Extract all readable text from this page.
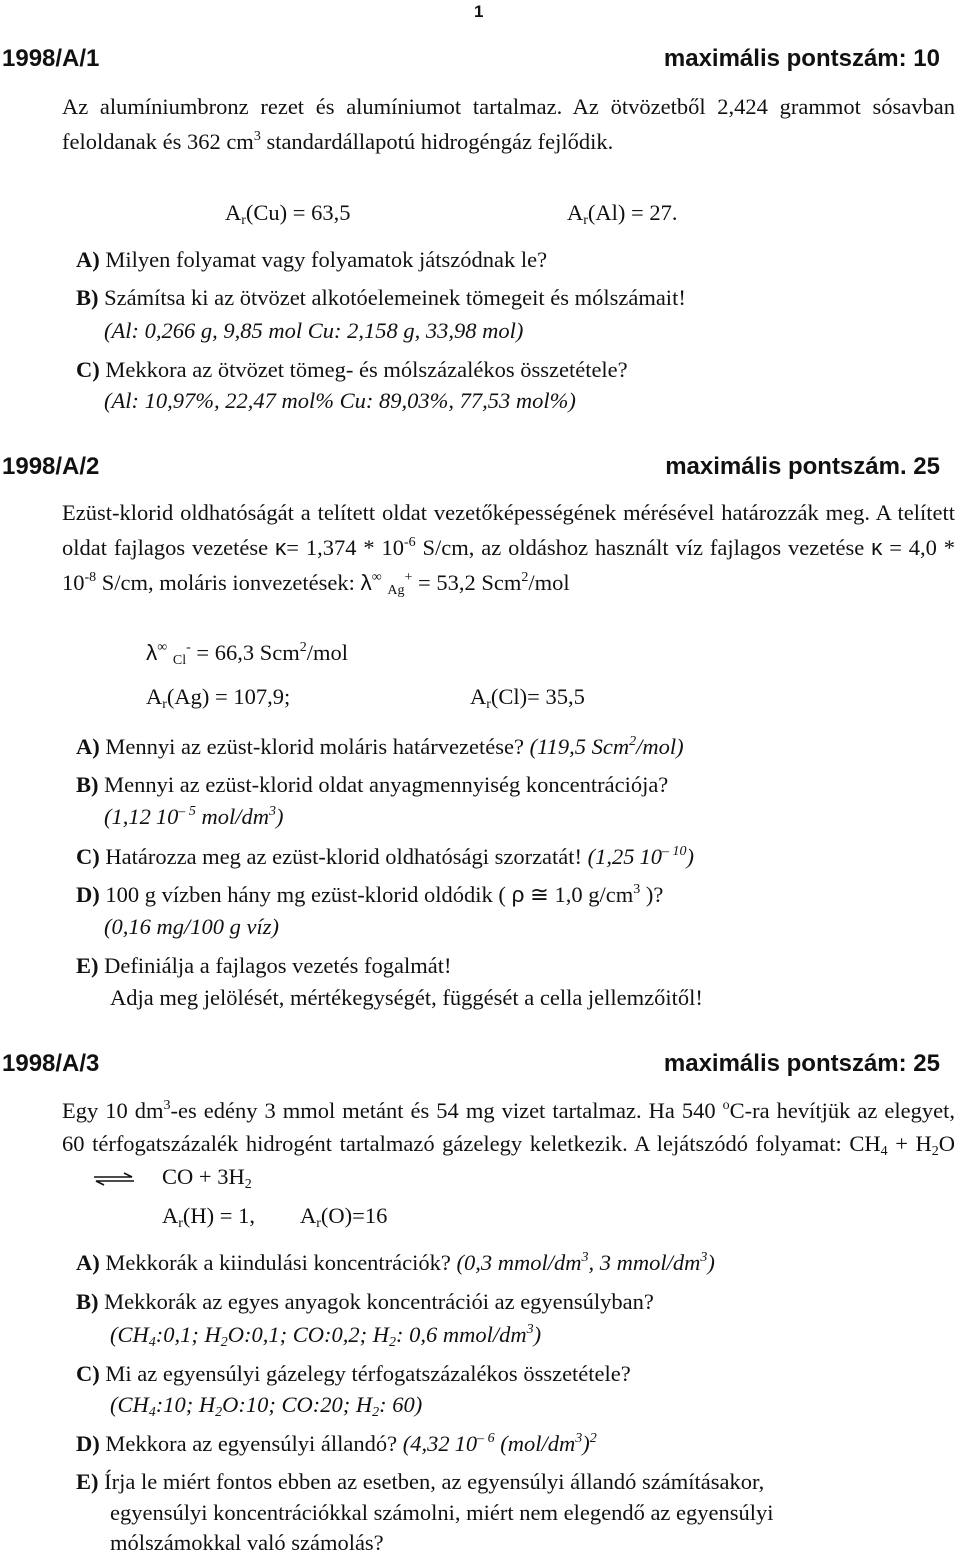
1
1998/A/1	maximális pontszám: 10
Az alumíniumbronz rezet és alumíniumot tartalmaz. Az ötvözetből 2,424 grammot sósavban feloldanak és 362 $cm^3$ standardállapotú hidrogéngáz fejlődik.
$A_r(Cu) = 63,5$	$A_r(Al) = 27$.
A) Milyen folyamat vagy folyamatok játszódnak le?
B) Számítsa ki az ötvözet alkotóelemeinek tömegeit és mólszámait!
(Al: 0,266 g, 9,85 mol Cu: 2,158 g, 33,98 mol)
C) Mekkora az ötvözet tömeg- és mólszázalékos összetétele?
(Al: 10,97%, 22,47 mol% Cu: 89,03%, 77,53 mol%)
1998/A/2	maximális pontszám. 25
Ezüst-klorid oldhatóságát a telített oldat vezetőképességének mérésével határozzák meg. A telített oldat fajlagos vezetése $\kappa= 1,374 * 10^{-6}$ S/cm, az oldáshoz használt víz fajlagos vezetése $\kappa = 4,0 * 10^{-8}$ S/cm, moláris ionvezetések: λ∞ $_{Ag}$+ = 53,2 Scm$^2$/mol
λ∞ $_{Cl}$- = 66,3 Scm$^2$/mol
$A_r(Ag) = 107,9$;	$A_r(Cl)= 35,5$
A) Mennyi az ezüst-klorid moláris határvezetése? (119,5 Scm$^2$/mol)
B) Mennyi az ezüst-klorid oldat anyagmennyiség koncentrációja?
(1,12 $10^{- 5}$ mol/$dm^3$)
C) Határozza meg az ezüst-klorid oldhatósági szorzatát! (1,25 $10^{- 10}$)
D) 100 g vízben hány mg ezüst-klorid oldódik ( ρ ≅ 1,0 $g/cm^3$ )?
(0,16 mg/100 g víz)
E) Definiálja a fajlagos vezetés fogalmát!
Adja meg jelölését, mértékegységét, függését a cella jellemzőitől!
1998/A/3	maximális pontszám: 25
Egy 10 $dm^3-es$ edény 3 mmol metánt és 54 mg vizet tartalmaz. Ha 540 $^o$C-ra hevítjük az elegyet, 60 térfogatszázalék hidrogént tartalmazó gázelegy keletkezik. A lejátszódó folyamat: $CH_4$ + $H_2O\rightleftharpoons$ CO + $3H_2$
$A_r(H) = 1$, $A_r(O)=16$
A) Mekkorák a kiindulási koncentrációk? (0,3 mmol/$dm^3$, 3 mmol/$dm^3$)
B) Mekkorák az egyes anyagok koncentrációi az egyensúlyban?
($CH_4:0,1$; $H_2O:0,1$; CO:0,2; $H_2$: 0,6 mmol/$dm^3$)
C) Mi az egyensúlyi gázelegy térfogatszázalékos összetétele?
($CH_4:10$; $H_2O:10$; CO:20; $H_2$: 60)
D) Mekkora az egyensúlyi állandó? (4,32 $10^{- 6}$ $(mol/dm^3)^2$
E) Írja le miért fontos ebben az esetben, az egyensúlyi állandó számításakor,
egyensúlyi koncentrációkkal számolni, miért nem elegendő az egyensúlyi
mólszámokkal való számolás?
